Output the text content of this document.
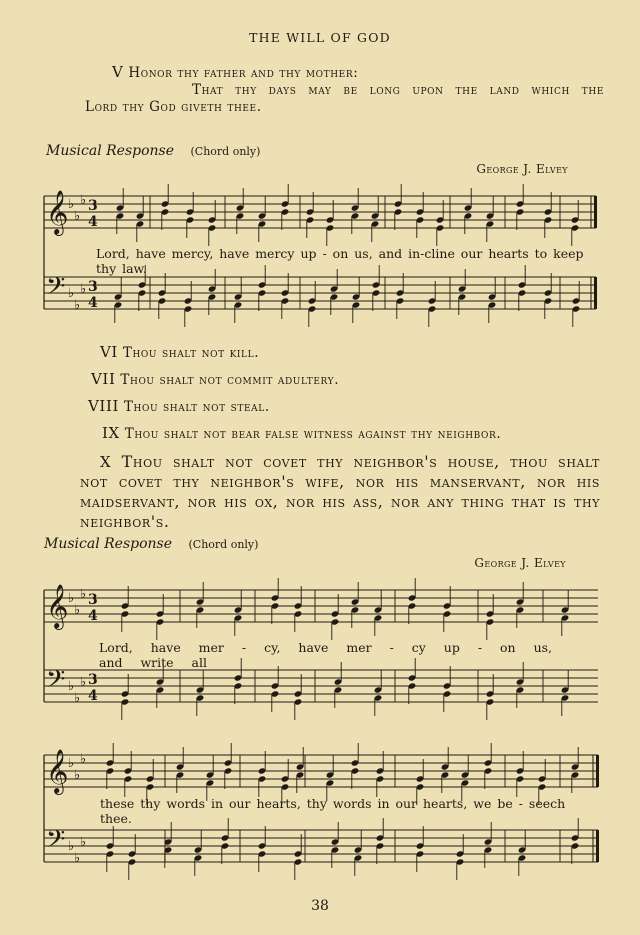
THE WILL OF GOD
V Honor thy father and thy mother:
That thy days may be long upon the land which the
Lord thy God giveth thee.
Musical Response (Chord only)
George J. Elvey
Lord, have mercy, have mercy up - on us, and in-cline our hearts to keep thy law.
VI Thou shalt not kill.
VII Thou shalt not commit adultery.
VIII Thou shalt not steal.
IX Thou shalt not bear false witness against thy neighbor.
X Thou shalt not covet thy neighbor's house, thou shalt
not covet thy neighbor's wife, nor his manservant, nor his
maidservant, nor his ox, nor his ass, nor any thing that is thy
neighbor's.
Musical Response (Chord only)
George J. Elvey
Lord, have mer - cy, have mer - cy up - on us, and write all
these thy words in our hearts, thy words in our hearts, we be - seech thee.
38
𝄞 ♭
♭
♭ 3
4
𝄢 ♭
♭
♭ 3
4
𝄞 ♭
♭
♭ 3
4
𝄢 ♭
♭
♭ 3
4
𝄞 ♭
♭
♭
𝄢 ♭
♭
♭
